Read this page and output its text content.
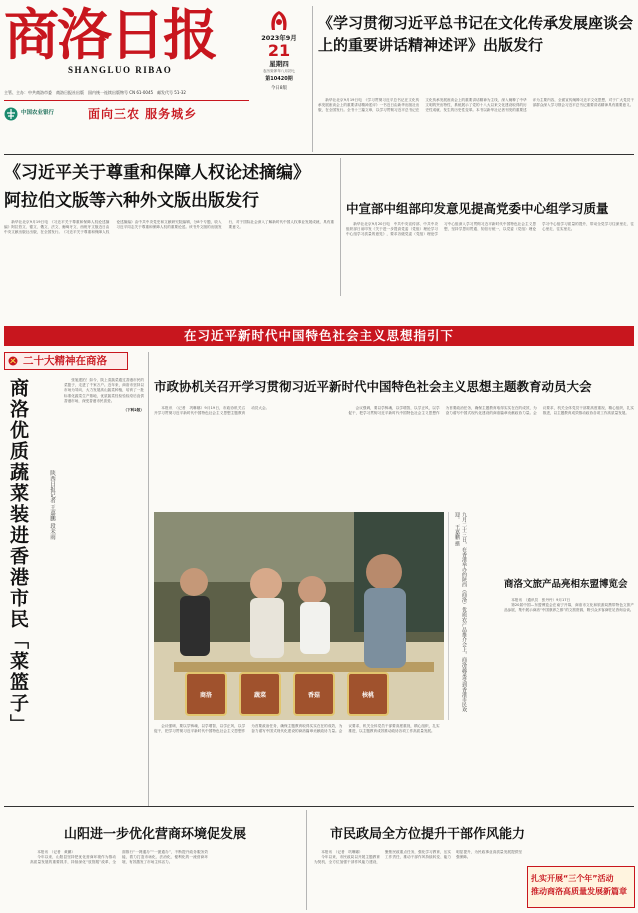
商洛日报
SHANGLUO RIBAO
2023年9月
21
星期四
农历癸卯年八月初七
第10420期
今日8版
主管、主办：中共商洛市委　商洛日报社出版　国内统一连续出版物号 CN 61-0045　邮发代号 51-32
中国农业银行	面向三农 服务城乡
《学习贯彻习近平总书记在文化传承发展座谈会上的重要讲话精神述评》出版发行

新华社北京9月19日电　《学习贯彻习近平总书记在文化传承发展座谈会上的重要讲话精神述评》一书近日由新华出版社出版，在全国发行。全书十三篇文章，以学习贯彻习近平总书记在文化传承发展座谈会上的重要讲话精神为主线，深入阐释了中华文明的突出特性，系统展示了党的十八大以来文化建设取得的历史性成就、发生的历史性变革。本书以新华社记者刊发的重要述评为主要内容，全面宣传阐释习近平文化思想，对于广大党员干部群众深入学习领会习近平总书记重要讲话精神具有重要意义。

《习近平关于尊重和保障人权论述摘编》
阿拉伯文版等六种外文版出版发行

新华社北京9月19日电　《习近平关于尊重和保障人权论述摘编》阿拉伯文、德文、俄文、法文、葡萄牙文、西班牙文版近日由中央文献出版社出版，在全国发行。《习近平关于尊重和保障人权论述摘编》由中共中央党史和文献研究院编辑，分8个专题，收入习近平同志关于尊重和保障人权的重要论述。该书外文版的出版发行，对于国际社会深入了解新时代中国人权事业发展成就，具有重要意义。

中宣部中组部印发意见提高党委中心组学习质量

新华社北京9月20日电　中共中央宣传部、中共中央组织部日前印发《关于进一步提高党委（党组）理论学习中心组学习质量的意见》，要求各级党委（党组）理论学习中心组深入学习贯彻习近平新时代中国特色社会主义思想，坚持学思用贯通、知信行统一，以党委（党组）理论学习中心组学习质量的提升，带动全党学习往深里走、往心里走、往实里走。

在习近平新时代中国特色社会主义思想指引下
二十大精神在商洛
商洛优质蔬菜装进香港市民「菜篮子」	陕西日报记者 王嘉鹏 段未雨

张旭建拍！如今，陕上清蔬菜通过香港市民的菜篮子，走进了千家万户。近年来，商洛市坚持以市场为导向，大力发展高山蔬菜种植，培育了一批标准化蔬菜生产基地，优质蔬菜经检验检疫后直供香港市场，深受香港市民喜爱。

（下转2版）

市政协机关召开学习贯彻习近平新时代中国特色社会主义思想主题教育动员大会

本报讯　（记者　巩琳娜）9月19日，市政协机关召开学习贯彻习近平新时代中国特色社会主义思想主题教育动员大会。	会议强调，要以学铸魂，以学增智，以学正风，以学促干，把学习贯彻习近平新时代中国特色社会主义思想作为首要政治任务，确保主题教育取得实实在在的成效，为奋力谱写中国式现代化建设的商洛篇章贡献政协力量。会议要求，机关全体党员干部要高度重视，精心组织，扎实推进，以主题教育成效推动政协各项工作高质量发展。

商洛	蔬菜	香菇	核桃	九月二十三日，在香港举办的陕西（商洛）优质农产品推介会上，商洛蔬菜受到香港市民欢迎。　王嘉鹏 摄
商洛文旅产品亮相东盟博览会

本报讯　（通讯员　张丹丹）9月17日

第20届中国—东盟博览会在南宁开幕，商洛市文化和旅游局携带特色文旅产品参展，集中展示商洛“中国康养之都”的文旅资源，吸引众多客商驻足咨询洽谈。

会议强调，要以学铸魂，以学增智，以学正风，以学促干，把学习贯彻习近平新时代中国特色社会主义思想作为首要政治任务，确保主题教育取得实实在在的成效，为奋力谱写中国式现代化建设的商洛篇章贡献政协力量。会议要求，机关全体党员干部要高度重视，精心组织，扎实推进，以主题教育成效推动政协各项工作高质量发展。

山阳进一步优化营商环境促发展

本报讯　（记者　黄鹏）

今年以来，山阳县坚持把优化营商环境作为推动高质量发展的重要抓手，持续深化“放管服”改革，全面推行“一网通办”“一窗通办”，不断提升政务服务效能，着力打造市场化、法治化、便利化的一流营商环境，有效激发了市场主体活力。

市民政局全方位提升干部作风能力

本报讯　（记者　巩琳娜）

今年以来，市民政局以开展主题教育为契机，全方位加强干部作风能力建设，聚焦民政重点任务，强化学习教育，压实工作责任，推动干部作风持续转变、能力明显提升，为民政事业高质量发展提供坚强保障。

扎实开展“三个年”活动
推动商洛高质量发展新篇章
